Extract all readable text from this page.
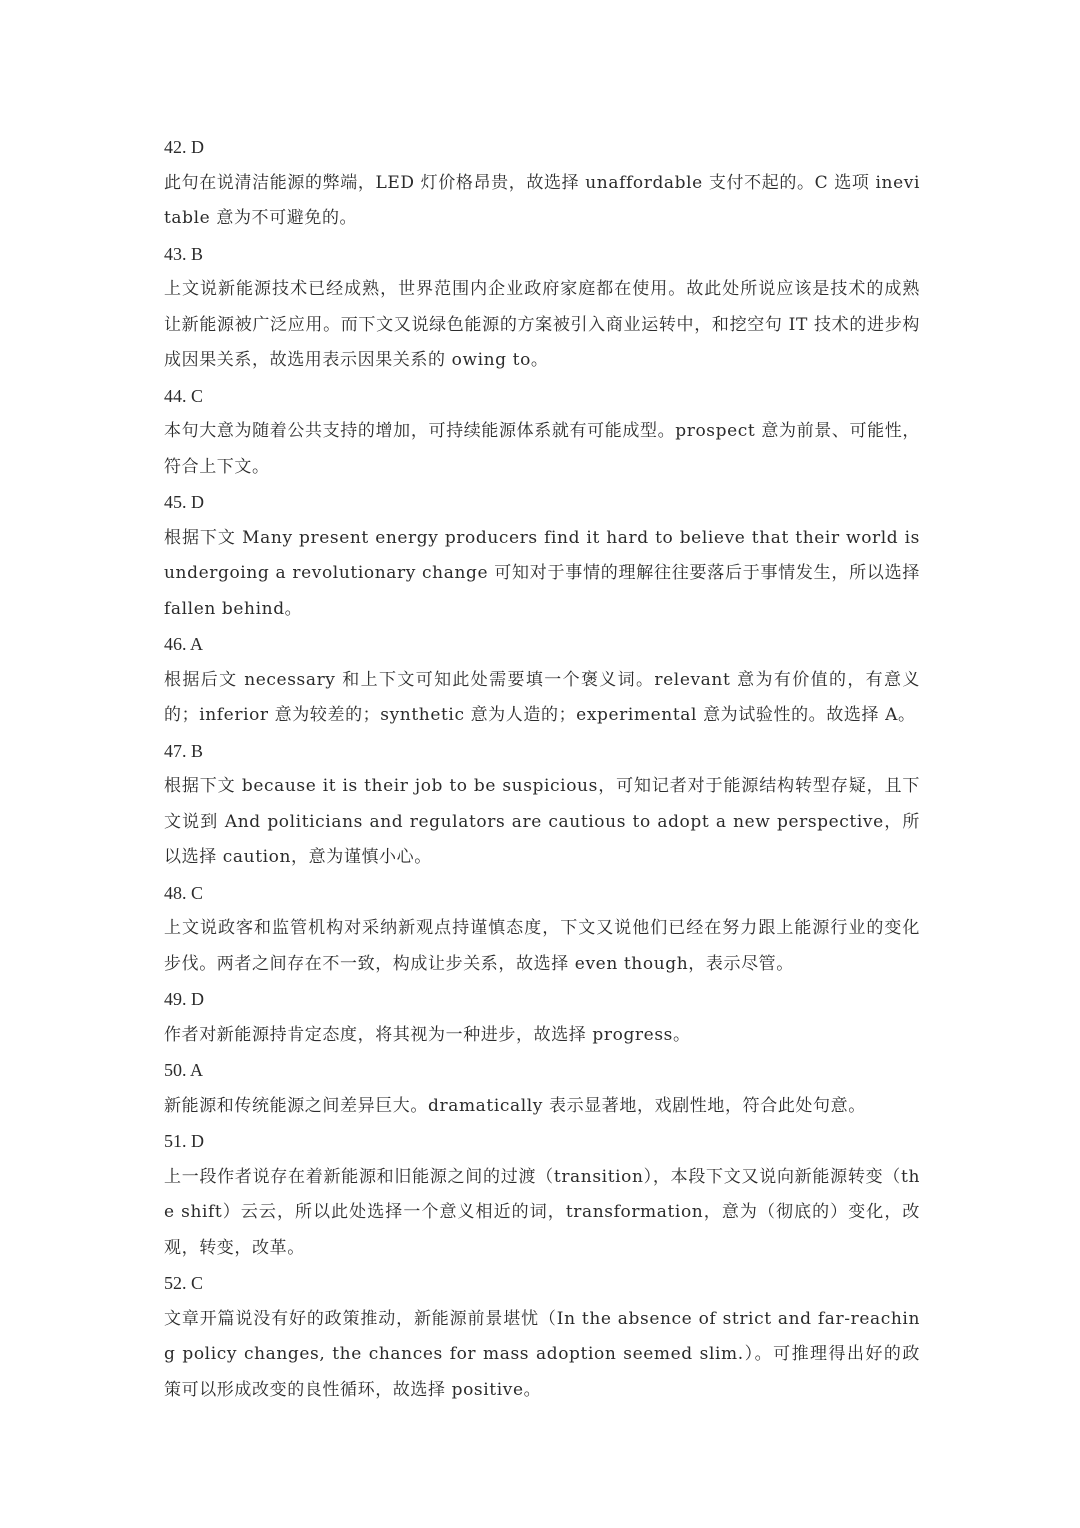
42. D
此句在说清洁能源的弊端，LED 灯价格昂贵，故选择 unaffordable 支付不起的。C 选项 inevitable 意为不可避免的。
43. B
上文说新能源技术已经成熟，世界范围内企业政府家庭都在使用。故此处所说应该是技术的成熟让新能源被广泛应用。而下文又说绿色能源的方案被引入商业运转中，和挖空句 IT 技术的进步构成因果关系，故选用表示因果关系的 owing to。
44. C
本句大意为随着公共支持的增加，可持续能源体系就有可能成型。prospect 意为前景、可能性，符合上下文。
45. D
根据下文 Many present energy producers find it hard to believe that their world is undergoing a revolutionary change 可知对于事情的理解往往要落后于事情发生，所以选择 fallen behind。
46. A
根据后文 necessary 和上下文可知此处需要填一个褒义词。relevant 意为有价值的，有意义的；inferior 意为较差的；synthetic 意为人造的；experimental 意为试验性的。故选择 A。
47. B
根据下文 because it is their job to be suspicious，可知记者对于能源结构转型存疑，且下文说到 And politicians and regulators are cautious to adopt a new perspective，所以选择 caution，意为谨慎小心。
48. C
上文说政客和监管机构对采纳新观点持谨慎态度，下文又说他们已经在努力跟上能源行业的变化步伐。两者之间存在不一致，构成让步关系，故选择 even though，表示尽管。
49. D
作者对新能源持肯定态度，将其视为一种进步，故选择 progress。
50. A
新能源和传统能源之间差异巨大。dramatically 表示显著地，戏剧性地，符合此处句意。
51. D
上一段作者说存在着新能源和旧能源之间的过渡（transition），本段下文又说向新能源转变（the shift）云云，所以此处选择一个意义相近的词，transformation，意为（彻底的）变化，改观，转变，改革。
52. C
文章开篇说没有好的政策推动，新能源前景堪忧（In the absence of strict and far-reaching policy changes, the chances for mass adoption seemed slim.）。可推理得出好的政策可以形成改变的良性循环，故选择 positive。
